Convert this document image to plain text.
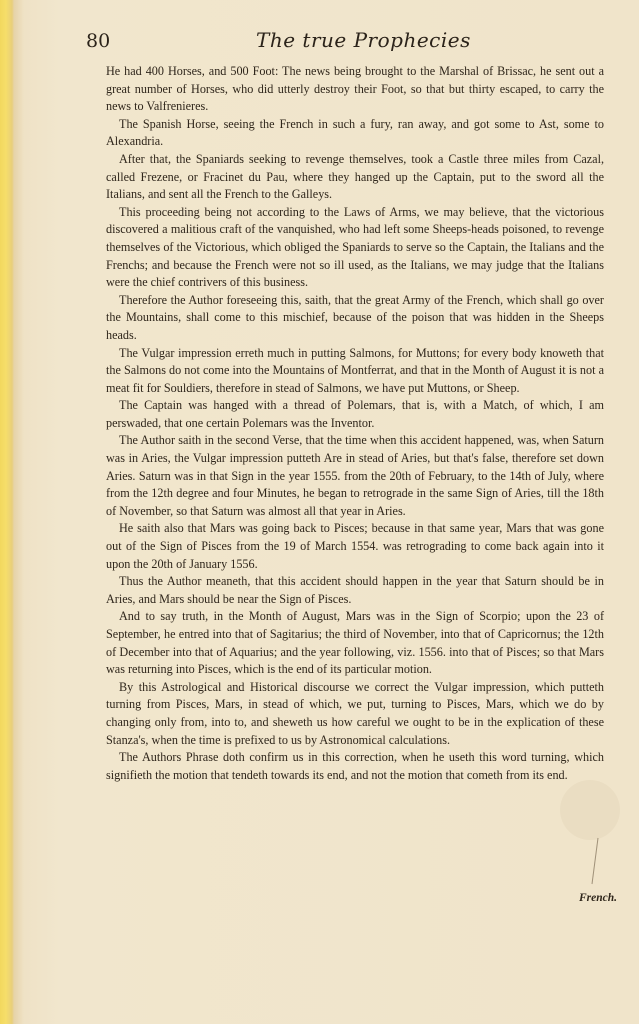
80	The true Prophecies

He had 400 Horses, and 500 Foot: The news being brought to the Marshal of Brissac, he sent out a great number of Horses, who did utterly destroy their Foot, so that but thirty escaped, to carry the news to Valfrenieres.

The Spanish Horse, seeing the French in such a fury, ran away, and got some to Ast, some to Alexandria.

After that, the Spaniards seeking to revenge themselves, took a Castle three miles from Cazal, called Frezene, or Fracinet du Pau, where they hanged up the Captain, put to the sword all the Italians, and sent all the French to the Galleys.

This proceeding being not according to the Laws of Arms, we may believe, that the victorious discovered a malitious craft of the vanquished, who had left some Sheeps-heads poisoned, to revenge themselves of the Victorious, which obliged the Spaniards to serve so the Captain, the Italians and the Frenchs; and because the French were not so ill used, as the Italians, we may judge that the Italians were the chief contrivers of this business.

Therefore the Author foreseeing this, saith, that the great Army of the French, which shall go over the Mountains, shall come to this mischief, because of the poison that was hidden in the Sheeps heads.

The Vulgar impression erreth much in putting Salmons, for Muttons; for every body knoweth that the Salmons do not come into the Mountains of Montferrat, and that in the Month of August it is not a meat fit for Souldiers, therefore in stead of Salmons, we have put Muttons, or Sheep.

The Captain was hanged with a thread of Polemars, that is, with a Match, of which, I am perswaded, that one certain Polemars was the Inventor.

The Author saith in the second Verse, that the time when this accident happened, was, when Saturn was in Aries, the Vulgar impression putteth Are in stead of Aries, but that's false, therefore set down Aries. Saturn was in that Sign in the year 1555. from the 20th of February, to the 14th of July, where from the 12th degree and four Minutes, he began to retrograde in the same Sign of Aries, till the 18th of November, so that Saturn was almost all that year in Aries.

He saith also that Mars was going back to Pisces; because in that same year, Mars that was gone out of the Sign of Pisces from the 19 of March 1554. was retrograding to come back again into it upon the 20th of January 1556.

Thus the Author meaneth, that this accident should happen in the year that Saturn should be in Aries, and Mars should be near the Sign of Pisces.

And to say truth, in the Month of August, Mars was in the Sign of Scorpio; upon the 23 of September, he entred into that of Sagitarius; the third of November, into that of Capricornus; the 12th of December into that of Aquarius; and the year following, viz. 1556. into that of Pisces; so that Mars was returning into Pisces, which is the end of its particular motion.

By this Astrological and Historical discourse we correct the Vulgar impression, which putteth turning from Pisces, Mars, in stead of which, we put, turning to Pisces, Mars, which we do by changing only from, into to, and sheweth us how careful we ought to be in the explication of these Stanza's, when the time is prefixed to us by Astronomical calculations.

The Authors Phrase doth confirm us in this correction, when he useth this word turning, which signifieth the motion that tendeth towards its end, and not the motion that cometh from its end.

French.
